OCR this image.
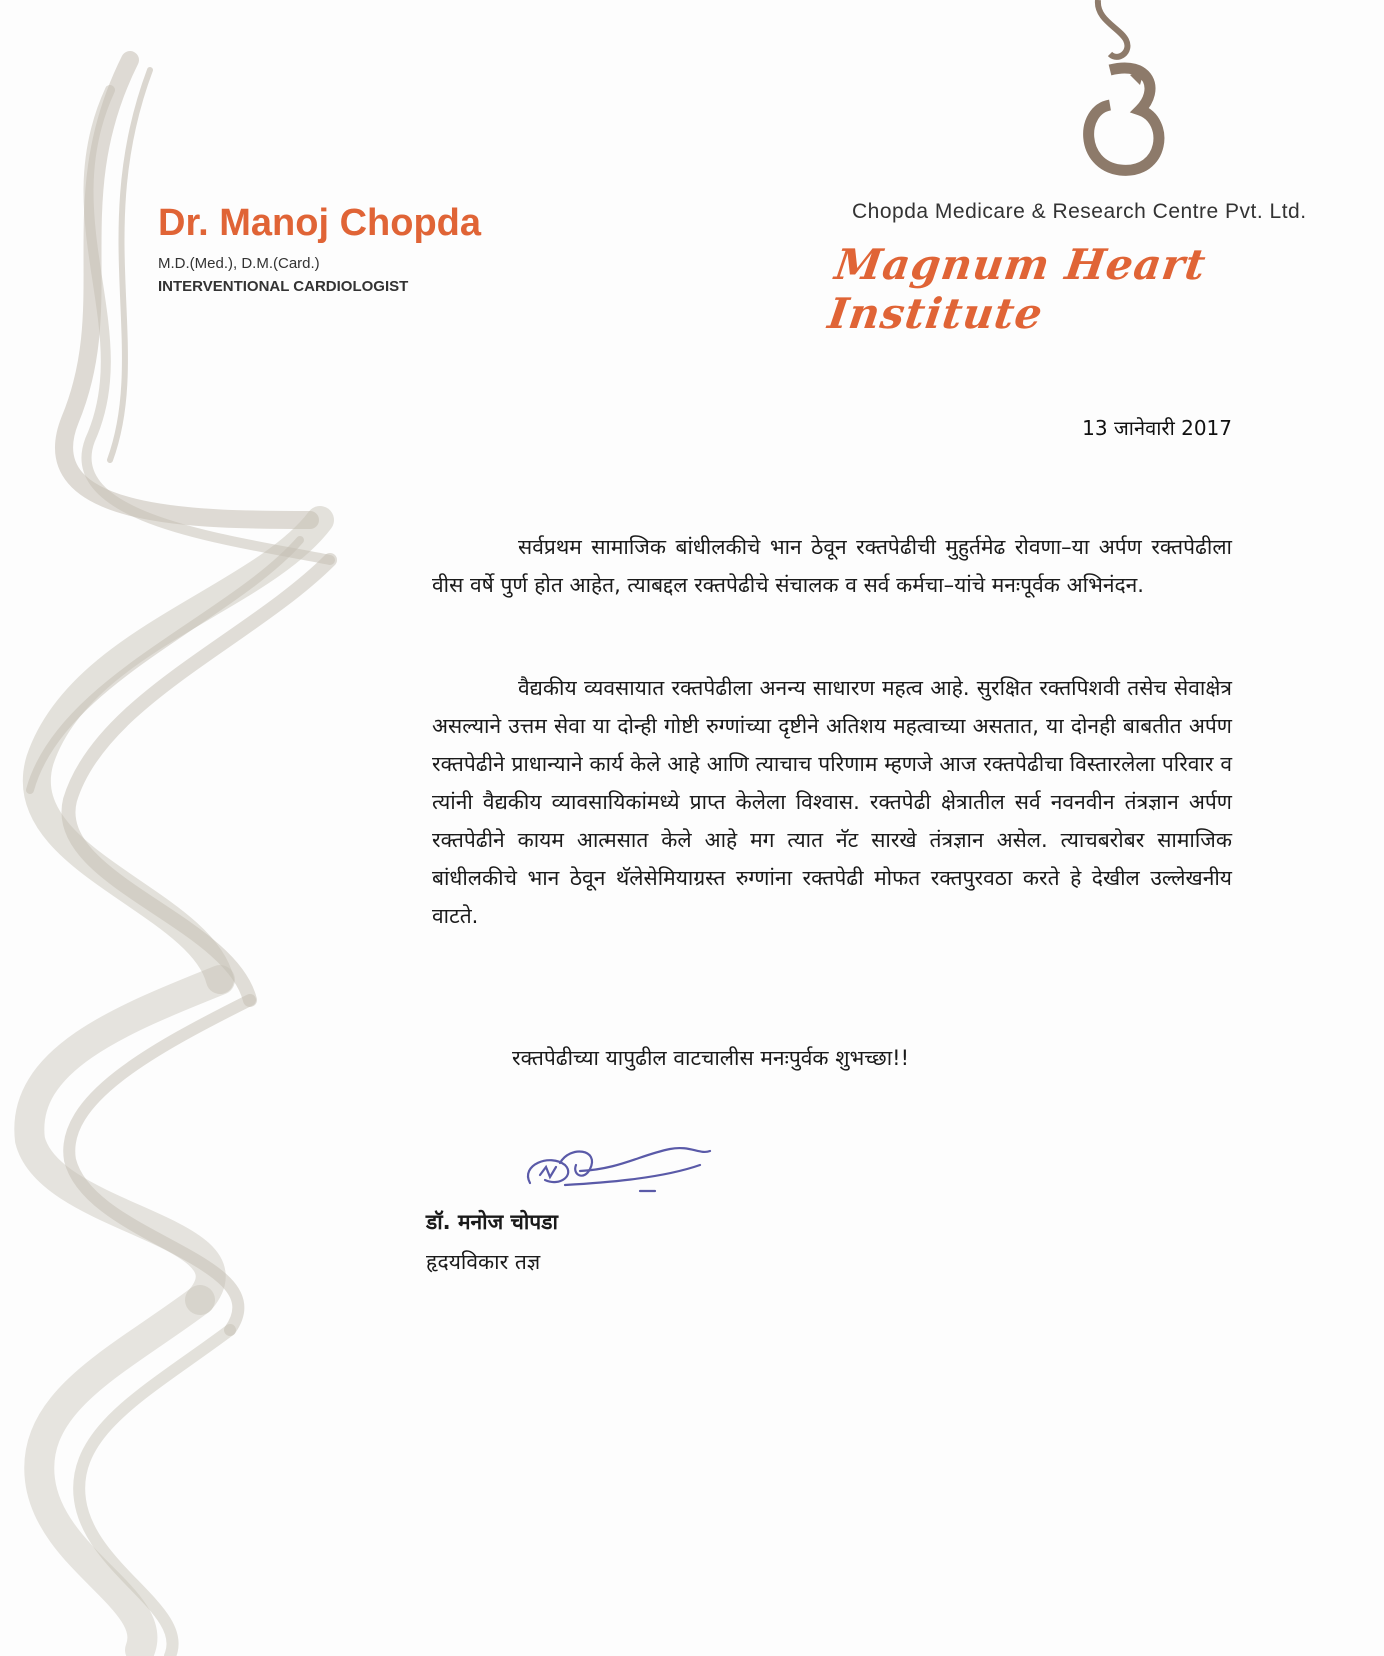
Dr. Manoj Chopda
M.D.(Med.), D.M.(Card.)
INTERVENTIONAL CARDIOLOGIST
Chopda Medicare & Research Centre Pvt. Ltd.
Magnum Heart Institute
13 जानेवारी 2017

सर्वप्रथम सामाजिक बांधीलकीचे भान ठेवून रक्तपेढीची मुहुर्तमेढ रोवणा–या अर्पण रक्तपेढीला वीस वर्षे पुर्ण होत आहेत, त्याबद्दल रक्तपेढीचे संचालक व सर्व कर्मचा–यांचे मनःपूर्वक अभिनंदन.

वैद्यकीय व्यवसायात रक्तपेढीला अनन्य साधारण महत्व आहे. सुरक्षित रक्तपिशवी तसेच सेवाक्षेत्र असल्याने उत्तम सेवा या दोन्ही गोष्टी रुग्णांच्या दृष्टीने अतिशय महत्वाच्या असतात, या दोनही बाबतीत अर्पण रक्तपेढीने प्राधान्याने कार्य केले आहे आणि त्याचाच परिणाम म्हणजे आज रक्तपेढीचा विस्तारलेला परिवार व त्यांनी वैद्यकीय व्यावसायिकांमध्ये प्राप्त केलेला विश्वास. रक्तपेढी क्षेत्रातील सर्व नवनवीन तंत्रज्ञान अर्पण रक्तपेढीने कायम आत्मसात केले आहे मग त्यात नॅट सारखे तंत्रज्ञान असेल. त्याचबरोबर सामाजिक बांधीलकीचे भान ठेवून थॅलेसेमियाग्रस्त रुग्णांना रक्तपेढी मोफत रक्तपुरवठा करते हे देखील उल्लेखनीय वाटते.

रक्तपेढीच्या यापुढील वाटचालीस मनःपुर्वक शुभच्छा!!

डॉ. मनोज चोपडा
हृदयविकार तज्ञ
